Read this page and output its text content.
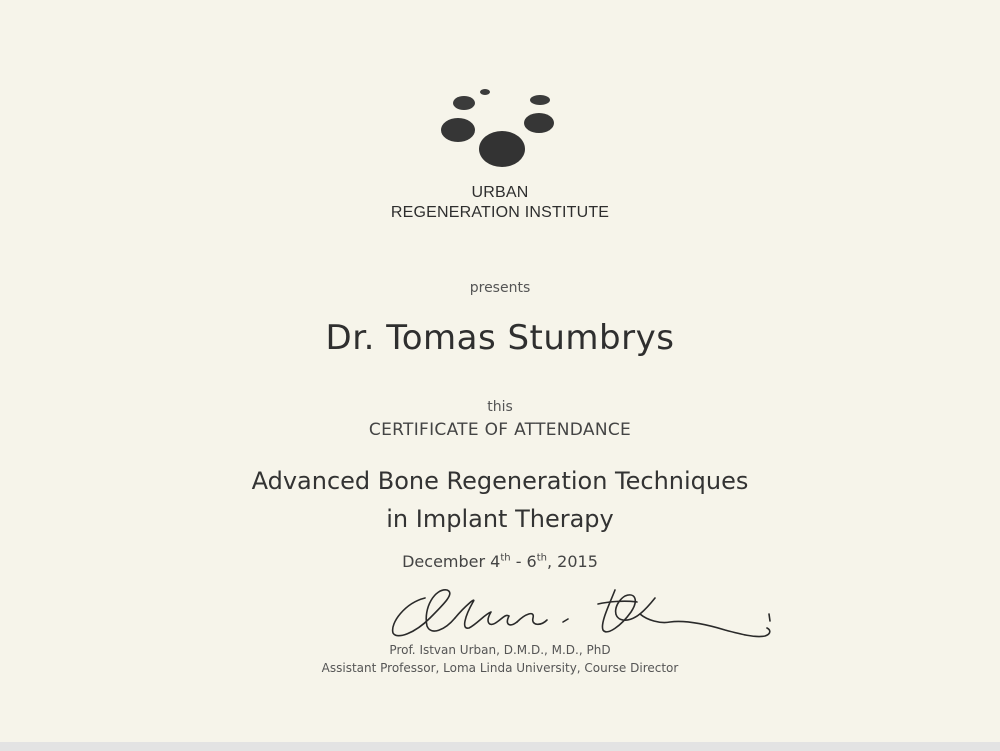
URBAN
REGENERATION INSTITUTE
presents
Dr. Tomas Stumbrys
this
CERTIFICATE OF ATTENDANCE
Advanced Bone Regeneration Techniques
in Implant Therapy
December 4th - 6th, 2015
Prof. Istvan Urban, D.M.D., M.D., PhD
Assistant Professor, Loma Linda University, Course Director
